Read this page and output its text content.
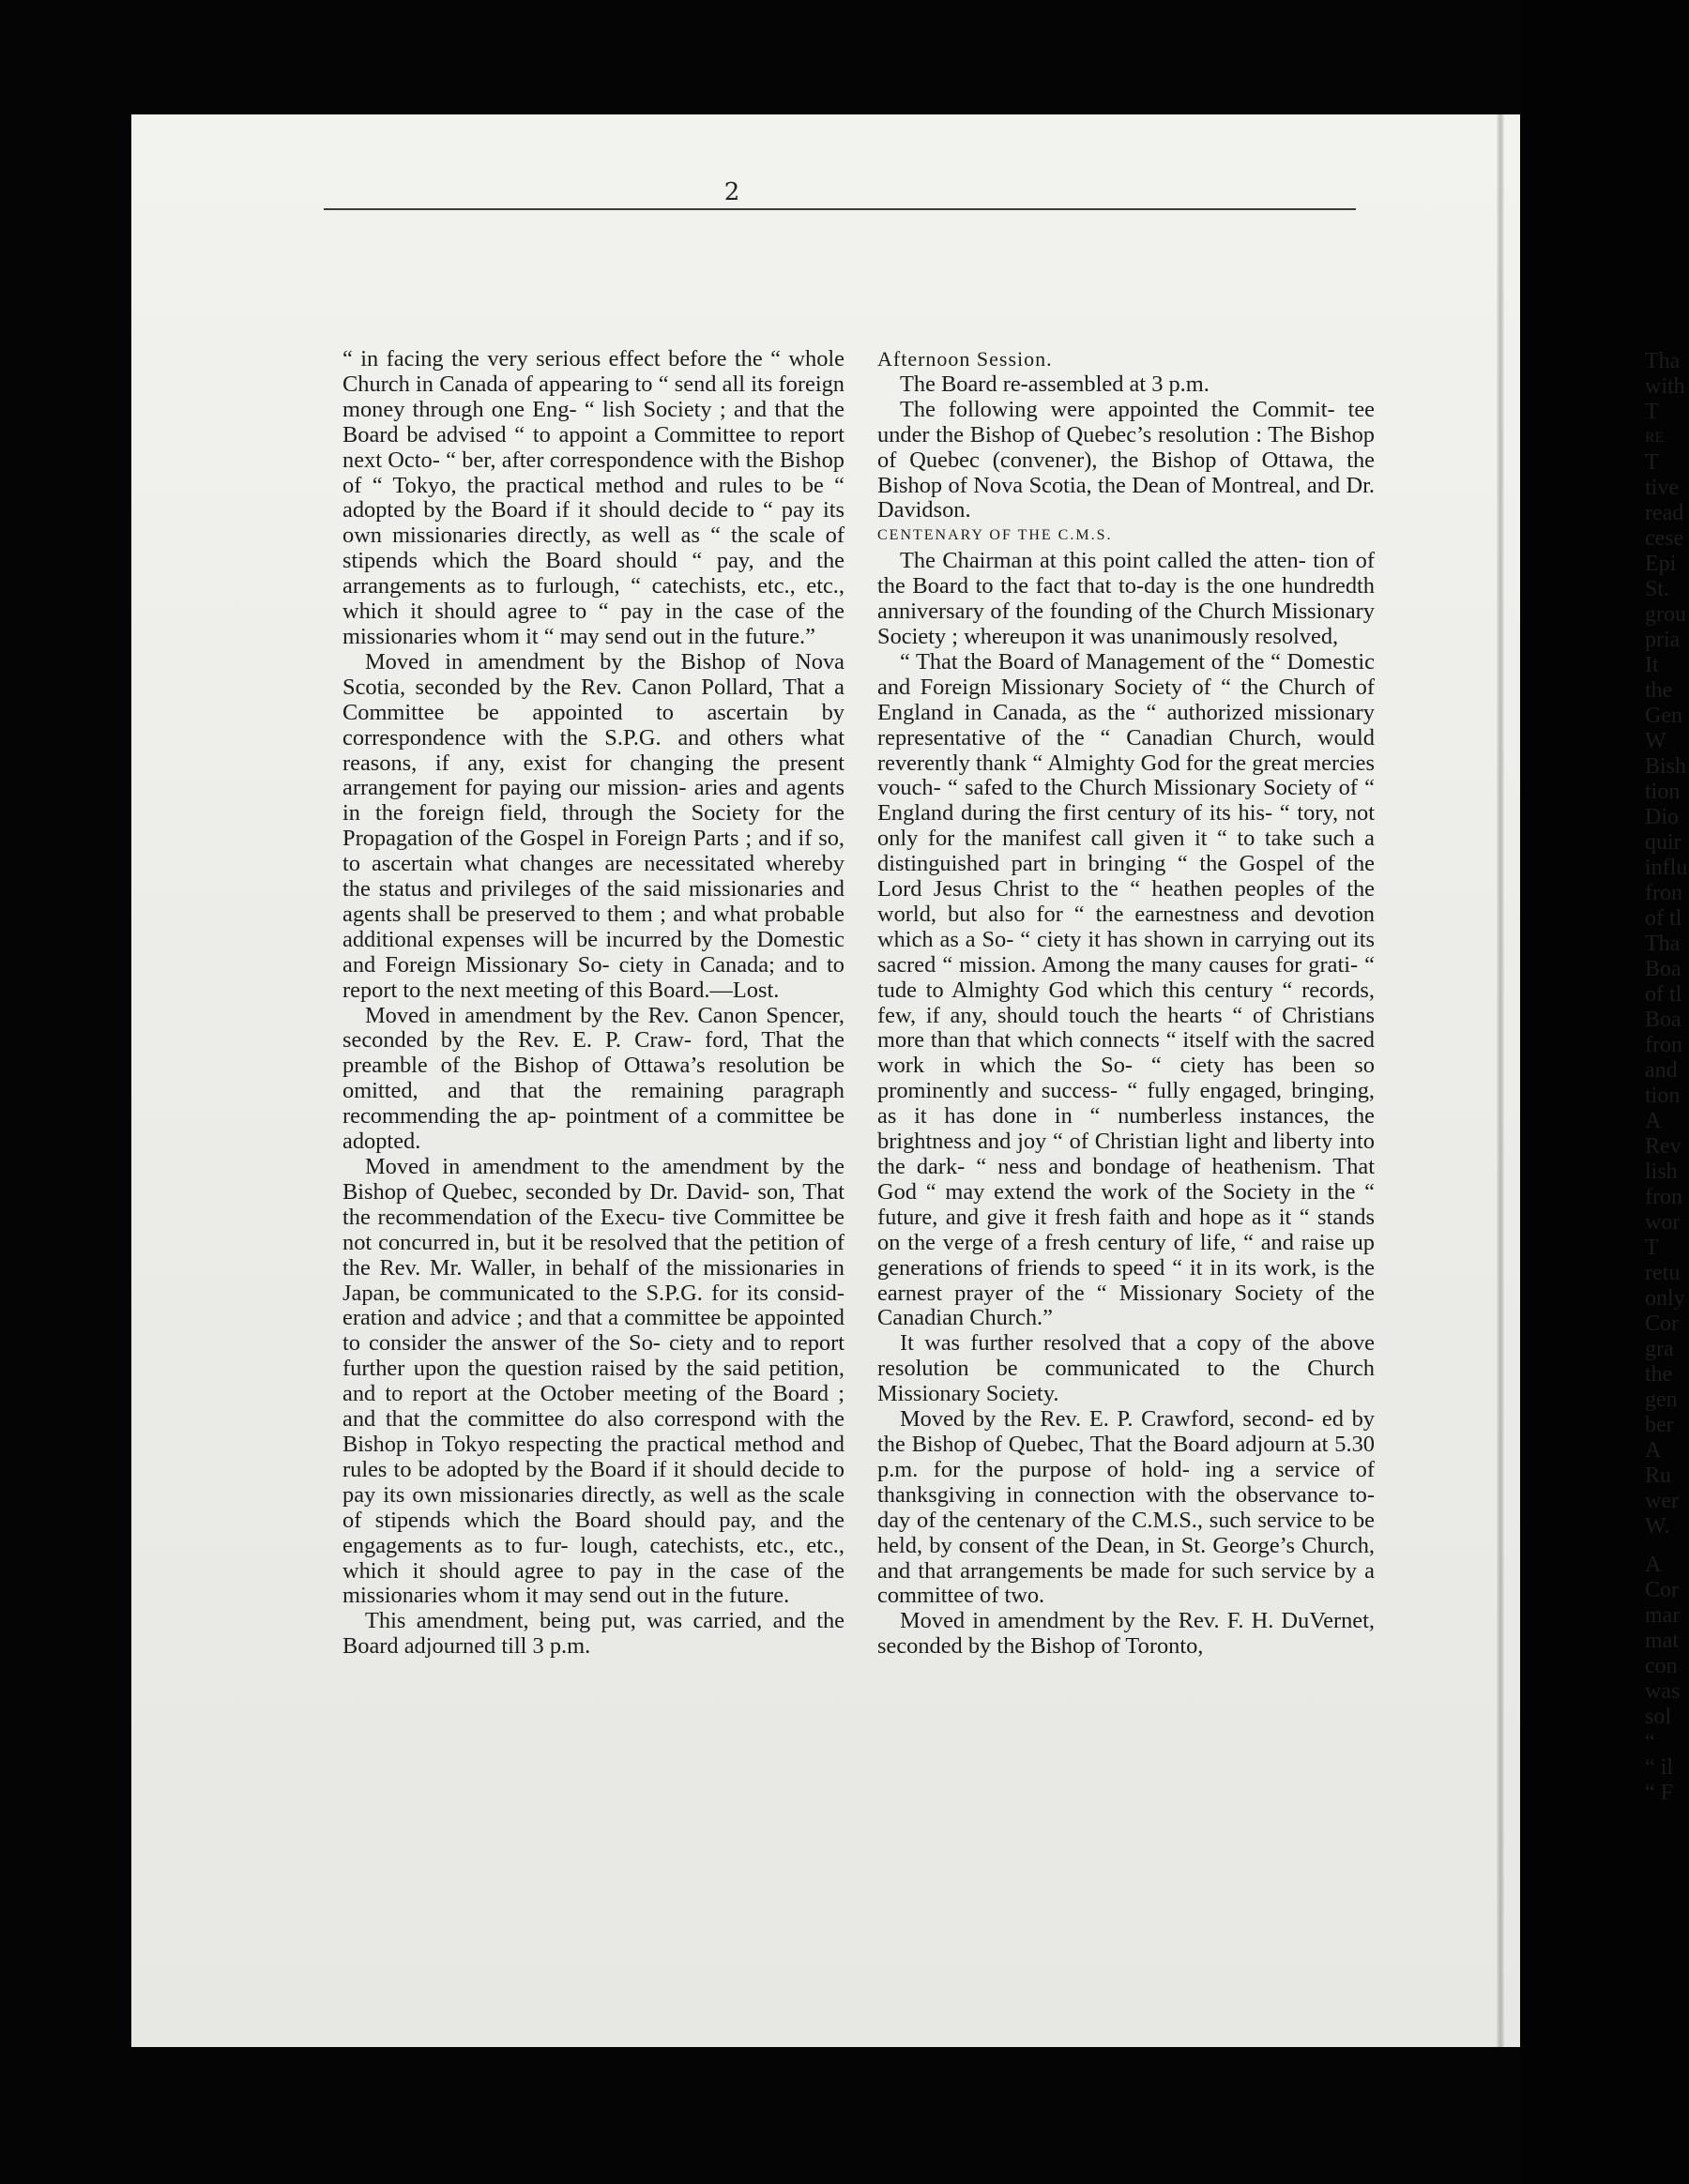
2

“ in facing the very serious effect before the “ whole Church in Canada of appearing to “ send all its foreign money through one Eng- “ lish Society ; and that the Board be advised “ to appoint a Committee to report next Octo- “ ber, after correspondence with the Bishop of “ Tokyo, the practical method and rules to be “ adopted by the Board if it should decide to “ pay its own missionaries directly, as well as “ the scale of stipends which the Board should “ pay, and the arrangements as to furlough, “ catechists, etc., etc., which it should agree to “ pay in the case of the missionaries whom it “ may send out in the future.”

Moved in amendment by the Bishop of Nova Scotia, seconded by the Rev. Canon Pollard, That a Committee be appointed to ascertain by correspondence with the S.P.G. and others what reasons, if any, exist for changing the present arrangement for paying our mission- aries and agents in the foreign field, through the Society for the Propagation of the Gospel in Foreign Parts ; and if so, to ascertain what changes are necessitated whereby the status and privileges of the said missionaries and agents shall be preserved to them ; and what probable additional expenses will be incurred by the Domestic and Foreign Missionary So- ciety in Canada; and to report to the next meeting of this Board.—Lost.

Moved in amendment by the Rev. Canon Spencer, seconded by the Rev. E. P. Craw- ford, That the preamble of the Bishop of Ottawa’s resolution be omitted, and that the remaining paragraph recommending the ap- pointment of a committee be adopted.

Moved in amendment to the amendment by the Bishop of Quebec, seconded by Dr. David- son, That the recommendation of the Execu- tive Committee be not concurred in, but it be resolved that the petition of the Rev. Mr. Waller, in behalf of the missionaries in Japan, be communicated to the S.P.G. for its consid- eration and advice ; and that a committee be appointed to consider the answer of the So- ciety and to report further upon the question raised by the said petition, and to report at the October meeting of the Board ; and that the committee do also correspond with the Bishop in Tokyo respecting the practical method and rules to be adopted by the Board if it should decide to pay its own missionaries directly, as well as the scale of stipends which the Board should pay, and the engagements as to fur- lough, catechists, etc., etc., which it should agree to pay in the case of the missionaries whom it may send out in the future.

This amendment, being put, was carried, and the Board adjourned till 3 p.m.

Afternoon Session.

The Board re-assembled at 3 p.m.

The following were appointed the Commit- tee under the Bishop of Quebec’s resolution : The Bishop of Quebec (convener), the Bishop of Ottawa, the Bishop of Nova Scotia, the Dean of Montreal, and Dr. Davidson.

CENTENARY OF THE C.M.S.

The Chairman at this point called the atten- tion of the Board to the fact that to-day is the one hundredth anniversary of the founding of the Church Missionary Society ; whereupon it was unanimously resolved,

“ That the Board of Management of the “ Domestic and Foreign Missionary Society of “ the Church of England in Canada, as the “ authorized missionary representative of the “ Canadian Church, would reverently thank “ Almighty God for the great mercies vouch- “ safed to the Church Missionary Society of “ England during the first century of its his- “ tory, not only for the manifest call given it “ to take such a distinguished part in bringing “ the Gospel of the Lord Jesus Christ to the “ heathen peoples of the world, but also for “ the earnestness and devotion which as a So- “ ciety it has shown in carrying out its sacred “ mission. Among the many causes for grati- “ tude to Almighty God which this century “ records, few, if any, should touch the hearts “ of Christians more than that which connects “ itself with the sacred work in which the So- “ ciety has been so prominently and success- “ fully engaged, bringing, as it has done in “ numberless instances, the brightness and joy “ of Christian light and liberty into the dark- “ ness and bondage of heathenism. That God “ may extend the work of the Society in the “ future, and give it fresh faith and hope as it “ stands on the verge of a fresh century of life, “ and raise up generations of friends to speed “ it in its work, is the earnest prayer of the “ Missionary Society of the Canadian Church.”

It was further resolved that a copy of the above resolution be communicated to the Church Missionary Society.

Moved by the Rev. E. P. Crawford, second- ed by the Bishop of Quebec, That the Board adjourn at 5.30 p.m. for the purpose of hold- ing a service of thanksgiving in connection with the observance to-day of the centenary of the C.M.S., such service to be held, by consent of the Dean, in St. George’s Church, and that arrangements be made for such service by a committee of two.

Moved in amendment by the Rev. F. H. DuVernet, seconded by the Bishop of Toronto,

Tha
with
T
RE
T
tive
read
cese
Epi
St.
grou
pria
It
the
Gen
W
Bish
tion
Dio
quir
influ
fron
of tl
Tha
Boa
of tl
Boa
fron
and
tion
A
Rev
lish
fron
wor
T
retu
only
Cor
gra
the
gen
ber
A
Ru
wer
W.
A
Cor
mar
mat
con
was
sol
“
“ il
“ F
